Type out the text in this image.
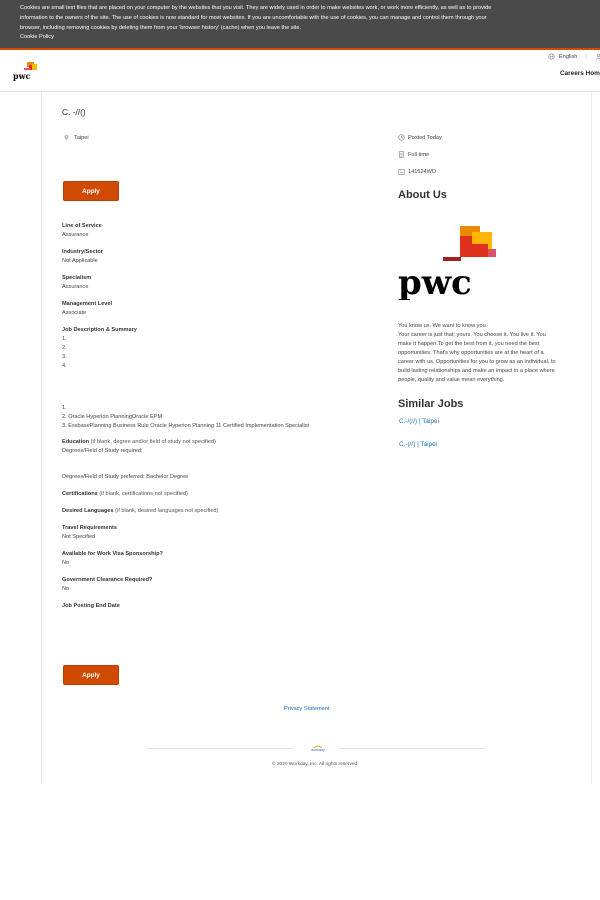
Cookies are small text files that are placed on your computer by the websites that you visit. They are widely used in order to make websites work, or work more efficiently, as well as to provide
information to the owners of the site. The use of cookies is now standard for most websites. If you are uncomfortable with the use of cookies, you can manage and control them through your
browser, including removing cookies by deleting them from your 'browser history' (cache) when you leave the site.
Cookie Policy
pwc
English |
Careers Hom
C. -//()
Taipei	Posted Today
Full time
141624WD
Apply
Line of Service
Assurance
Industry/Sector
Not Applicable
Specialism
Assurance
Management Level
Associate
Job Description & Summary
1.
2.
3.
4.
1.
2. Oracle Hyperion PlanningOracle EPM
3. EssbasePlanning Business Rule Oracle Hyperion Planning 11 Certified Implementation Specialist
Education (if blank, degree and/or field of study not specified)
Degrees/Field of Study required:
Degrees/Field of Study preferred: Bachelor Degree
Certifications (if blank, certifications not specified)
Desired Languages (if blank, desired languages not specified)
Travel Requirements
Not Specified
Available for Work Visa Sponsorship?
No
Government Clearance Required?
No
Job Posting End Date
Apply
About Us
pwc
You know us. We want to know you.
Your career is just that; yours. You choose it. You live it. You
make it happen.To get the best from it, you need the best
opportunities. That's why opportunities are at the heart of a
career with us. Opportunities for you to grow as an individual, to
build lasting relationships and make an impact in a place where
people, quality and value mean everything.
Similar Jobs
C.-/(//) | Taipei
C.-(//) | Taipei
Privacy Statement
workday
© 2020 Workday, Inc. All rights reserved.
